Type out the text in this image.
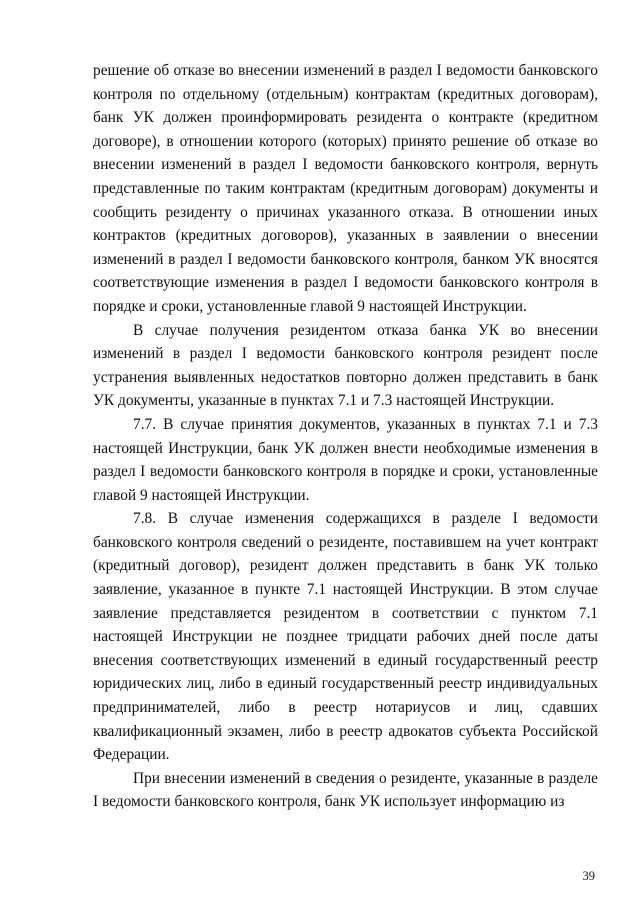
решение об отказе во внесении изменений в раздел I ведомости банковского контроля по отдельному (отдельным) контрактам (кредитных договорам), банк УК должен проинформировать резидента о контракте (кредитном договоре), в отношении которого (которых) принято решение об отказе во внесении изменений в раздел I ведомости банковского контроля, вернуть представленные по таким контрактам (кредитным договорам) документы и сообщить резиденту о причинах указанного отказа. В отношении иных контрактов (кредитных договоров), указанных в заявлении о внесении изменений в раздел I ведомости банковского контроля, банком УК вносятся соответствующие изменения в раздел I ведомости банковского контроля в порядке и сроки, установленные главой 9 настоящей Инструкции.

В случае получения резидентом отказа банка УК во внесении изменений в раздел I ведомости банковского контроля резидент после устранения выявленных недостатков повторно должен представить в банк УК документы, указанные в пунктах 7.1 и 7.3 настоящей Инструкции.

7.7. В случае принятия документов, указанных в пунктах 7.1 и 7.3 настоящей Инструкции, банк УК должен внести необходимые изменения в раздел I ведомости банковского контроля в порядке и сроки, установленные главой 9 настоящей Инструкции.

7.8. В случае изменения содержащихся в разделе I ведомости банковского контроля сведений о резиденте, поставившем на учет контракт (кредитный договор), резидент должен представить в банк УК только заявление, указанное в пункте 7.1 настоящей Инструкции. В этом случае заявление представляется резидентом в соответствии с пунктом 7.1 настоящей Инструкции не позднее тридцати рабочих дней после даты внесения соответствующих изменений в единый государственный реестр юридических лиц, либо в единый государственный реестр индивидуальных предпринимателей, либо в реестр нотариусов и лиц, сдавших квалификационный экзамен, либо в реестр адвокатов субъекта Российской Федерации.

При внесении изменений в сведения о резиденте, указанные в разделе I ведомости банковского контроля, банк УК использует информацию из

39
